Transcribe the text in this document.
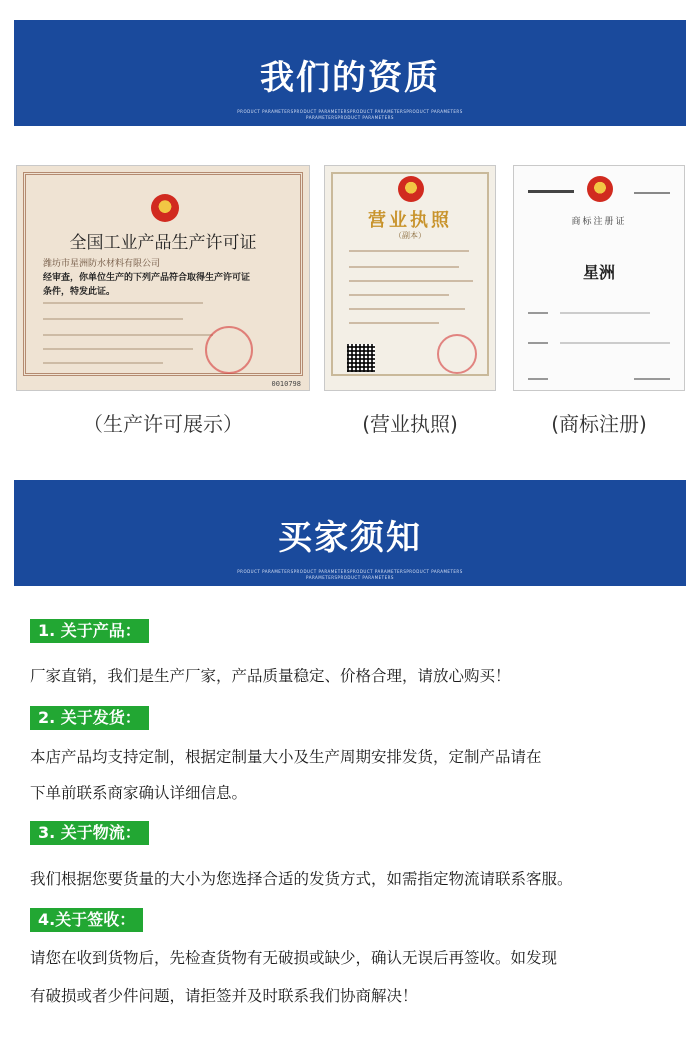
我们的资质
PRODUCT PARAMETERSPRODUCT PARAMETERSPRODUCT PARAMETERSPRODUCT PARAMETERS
PARAMETERSPRODUCT PARAMETERS
全国工业产品生产许可证
潍坊市星洲防水材料有限公司
经审查，你单位生产的下列产品符合取得生产许可证
条件，特发此证。
0010798
营业执照
（副本）
商标注册证
星洲
（生产许可展示）	(营业执照)	(商标注册)
买家须知
PRODUCT PARAMETERSPRODUCT PARAMETERSPRODUCT PARAMETERSPRODUCT PARAMETERS
PARAMETERSPRODUCT PARAMETERS
1. 关于产品：
厂家直销，我们是生产厂家，产品质量稳定、价格合理，请放心购买！
2. 关于发货：
本店产品均支持定制，根据定制量大小及生产周期安排发货，定制产品请在
下单前联系商家确认详细信息。
3. 关于物流：
我们根据您要货量的大小为您选择合适的发货方式，如需指定物流请联系客服。
4.关于签收：
请您在收到货物后，先检查货物有无破损或缺少，确认无误后再签收。如发现
有破损或者少件问题，请拒签并及时联系我们协商解决！
